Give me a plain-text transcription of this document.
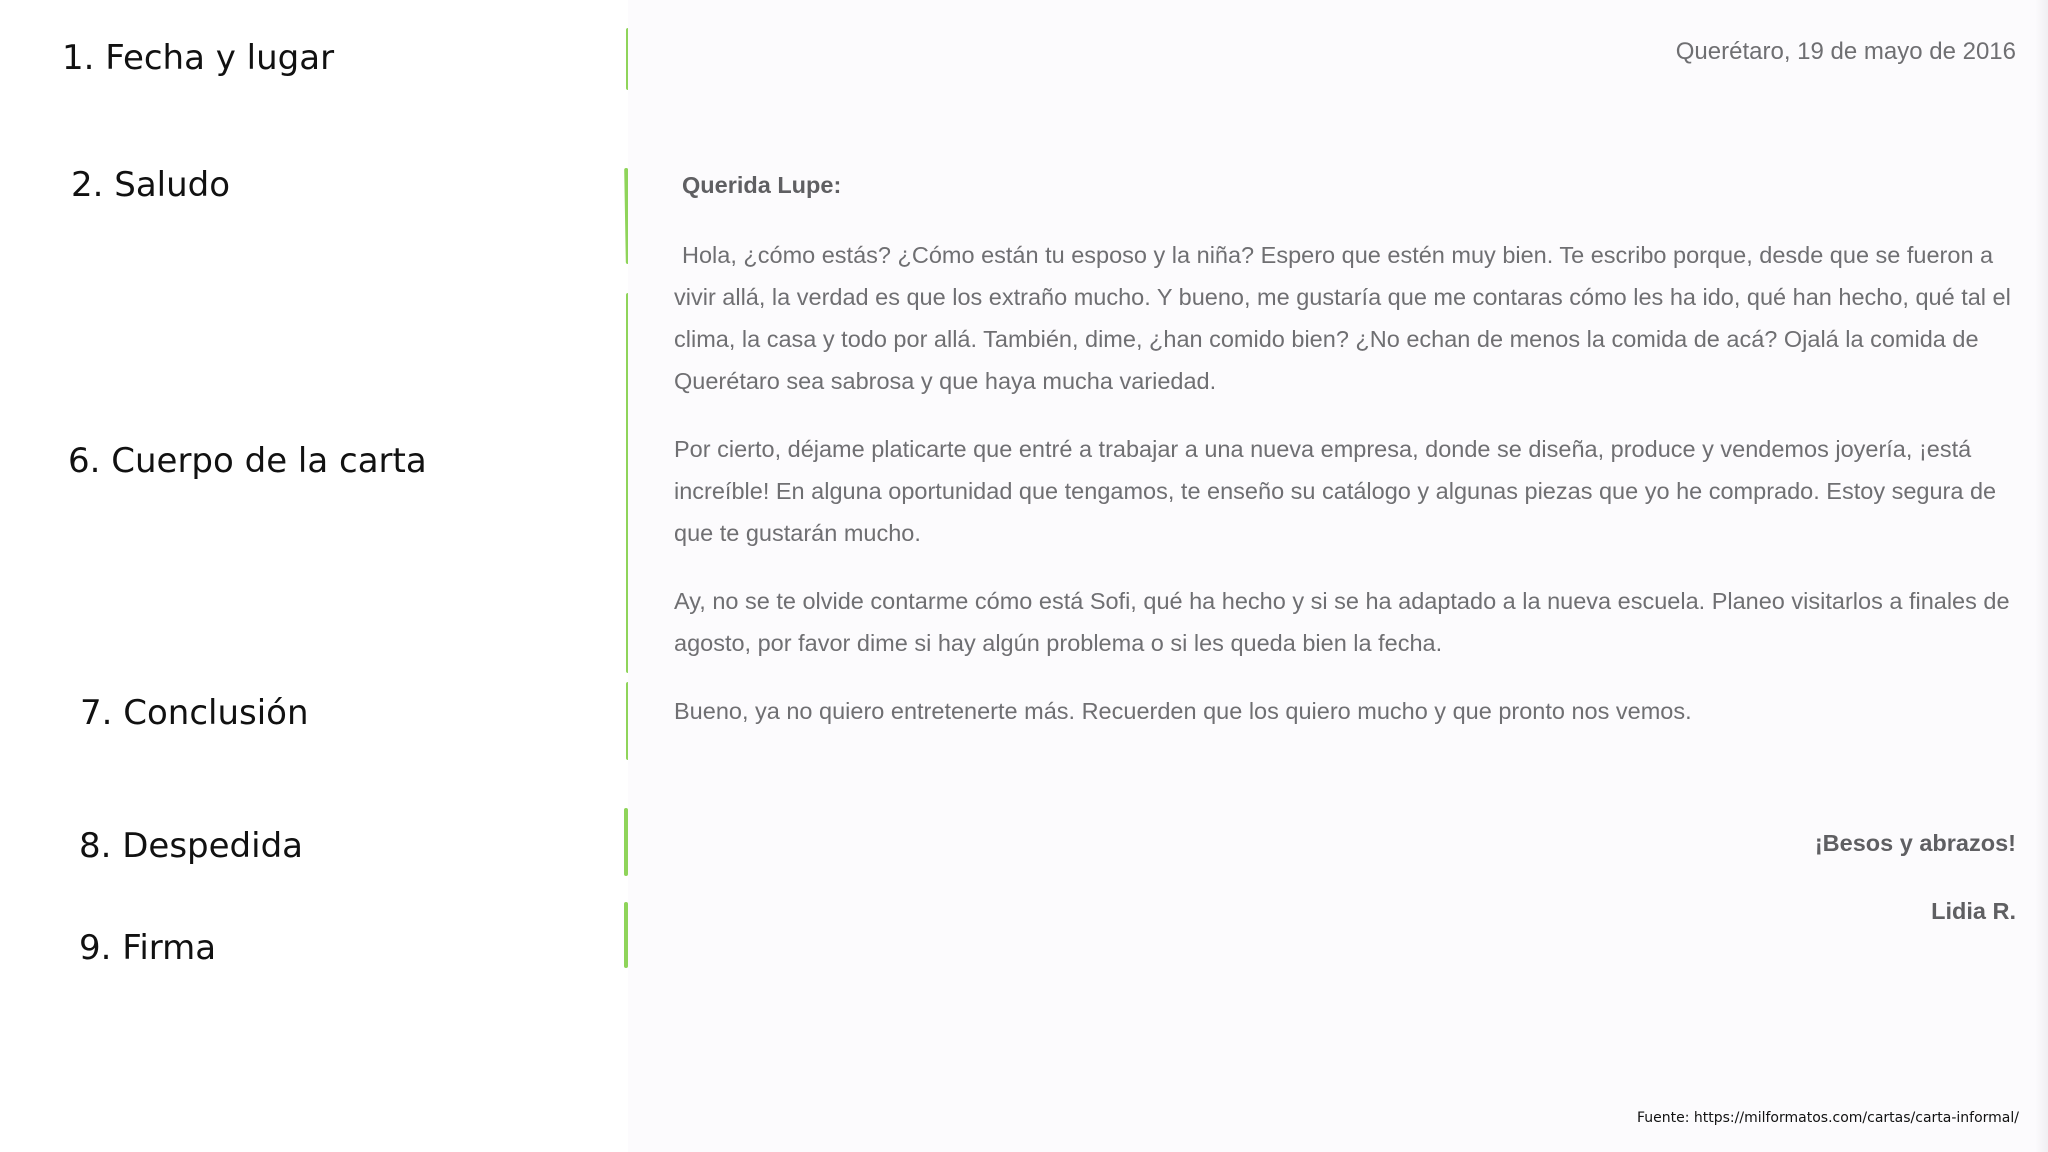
1. Fecha y lugar
2. Saludo
6. Cuerpo de la carta
7. Conclusión
8. Despedida
9. Firma
Querétaro, 19 de mayo de 2016
Querida Lupe:
Hola, ¿cómo estás? ¿Cómo están tu esposo y la niña? Espero que estén muy bien. Te escribo porque, desde que se fueron a vivir allá, la verdad es que los extraño mucho. Y bueno, me gustaría que me contaras cómo les ha ido, qué han hecho, qué tal el clima, la casa y todo por allá. También, dime, ¿han comido bien? ¿No echan de menos la comida de acá? Ojalá la comida de Querétaro sea sabrosa y que haya mucha variedad.
Por cierto, déjame platicarte que entré a trabajar a una nueva empresa, donde se diseña, produce y vendemos joyería, ¡está increíble! En alguna oportunidad que tengamos, te enseño su catálogo y algunas piezas que yo he comprado. Estoy segura de que te gustarán mucho.
Ay, no se te olvide contarme cómo está Sofi, qué ha hecho y si se ha adaptado a la nueva escuela. Planeo visitarlos a finales de agosto, por favor dime si hay algún problema o si les queda bien la fecha.
Bueno, ya no quiero entretenerte más. Recuerden que los quiero mucho y que pronto nos vemos.
¡Besos y abrazos!
Lidia R.
Fuente: https://milformatos.com/cartas/carta-informal/
